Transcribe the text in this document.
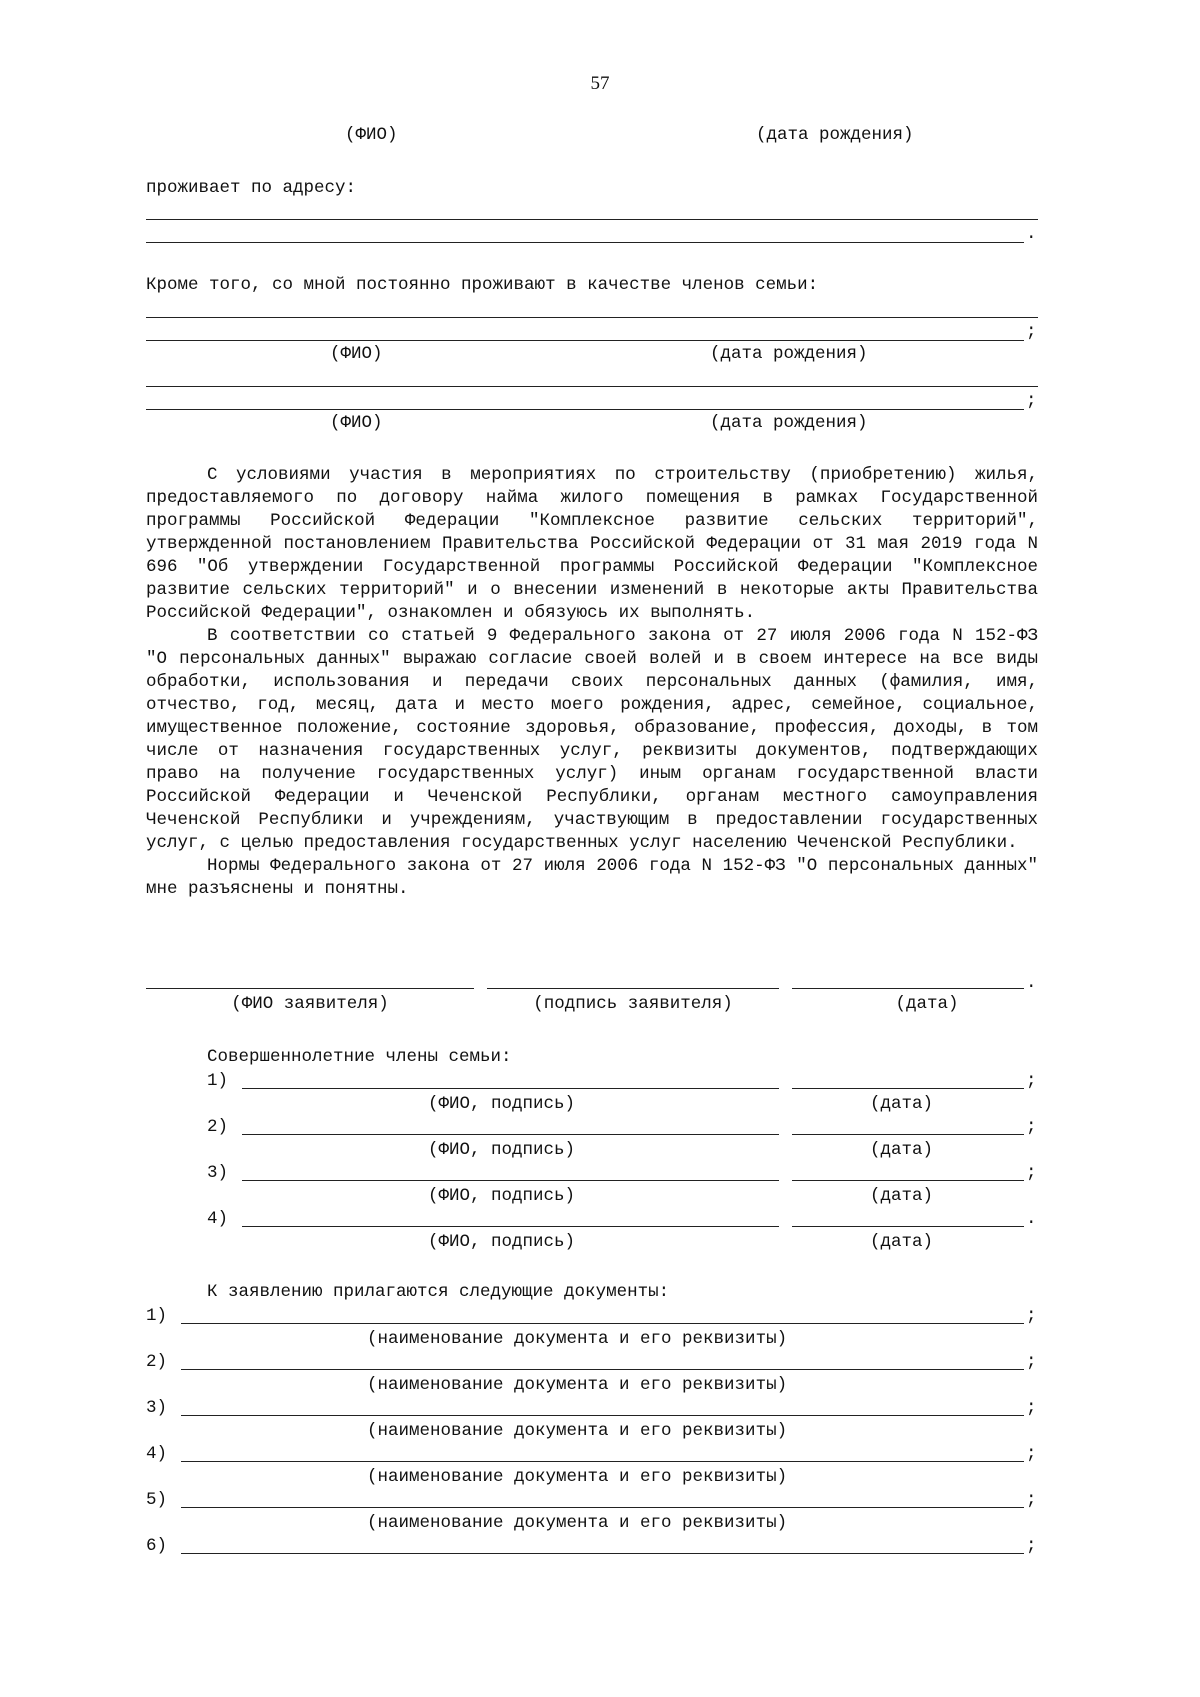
57
(ФИО)	(дата рождения)
проживает по адресу:
.
Кроме того, со мной постоянно проживают в качестве членов семьи:
;
(ФИО)	(дата рождения)
;
(ФИО)	(дата рождения)

С условиями участия в мероприятиях по строительству (приобретению) жилья, предоставляемого по договору найма жилого помещения в рамках Государственной программы Российской Федерации "Комплексное развитие сельских территорий", утвержденной постановлением Правительства Российской Федерации от 31 мая 2019 года N 696 "Об утверждении Государственной программы Российской Федерации "Комплексное развитие сельских территорий" и о внесении изменений в некоторые акты Правительства Российской Федерации", ознакомлен и обязуюсь их выполнять.

В соответствии со статьей 9 Федерального закона от 27 июля 2006 года N 152-ФЗ "О персональных данных" выражаю согласие своей волей и в своем интересе на все виды обработки, использования и передачи своих персональных данных (фамилия, имя, отчество, год, месяц, дата и место моего рождения, адрес, семейное, социальное, имущественное положение, состояние здоровья, образование, профессия, доходы, в том числе от назначения государственных услуг, реквизиты документов, подтверждающих право на получение государственных услуг) иным органам государственной власти Российской Федерации и Чеченской Республики, органам местного самоуправления Чеченской Республики и учреждениям, участвующим в предоставлении государственных услуг, с целью предоставления государственных услуг населению Чеченской Республики.

Нормы Федерального закона от 27 июля 2006 года N 152-ФЗ "О персональных данных" мне разъяснены и понятны.

.
(ФИО заявителя)	(подпись заявителя)	(дата)
Совершеннолетние члены семьи:
1)	;
(ФИО, подпись)	(дата)
2)	;
(ФИО, подпись)	(дата)
3)	;
(ФИО, подпись)	(дата)
4)	.
(ФИО, подпись)	(дата)
К заявлению прилагаются следующие документы:
1)	;
(наименование документа и его реквизиты)
2)	;
(наименование документа и его реквизиты)
3)	;
(наименование документа и его реквизиты)
4)	;
(наименование документа и его реквизиты)
5)	;
(наименование документа и его реквизиты)
6)	;
